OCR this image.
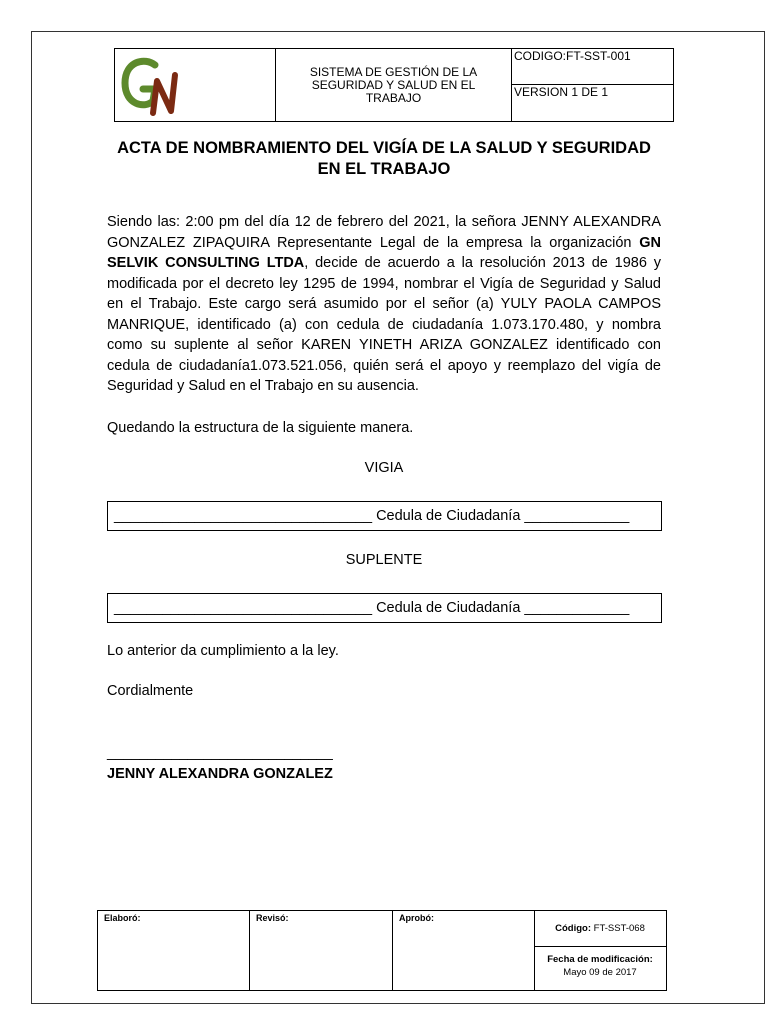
SISTEMA DE GESTIÓN DE LA SEGURIDAD Y SALUD EN EL TRABAJO
CODIGO:FT-SST-001
VERSION 1 DE 1
ACTA DE NOMBRAMIENTO DEL VIGÍA DE LA SALUD Y SEGURIDAD EN EL TRABAJO
Siendo las: 2:00 pm del día 12 de febrero del 2021, la señora JENNY ALEXANDRA GONZALEZ ZIPAQUIRA Representante Legal de la empresa la organización GN SELVIK CONSULTING LTDA, decide de acuerdo a la resolución 2013 de 1986 y modificada por el decreto ley 1295 de 1994, nombrar el Vigía de Seguridad y Salud en el Trabajo. Este cargo será asumido por el señor (a) YULY PAOLA CAMPOS MANRIQUE, identificado (a) con cedula de ciudadanía 1.073.170.480, y nombra como su suplente al señor KAREN YINETH ARIZA GONZALEZ identificado con cedula de ciudadanía1.073.521.056, quién será el apoyo y reemplazo del vigía de Seguridad y Salud en el Trabajo en su ausencia.
Quedando la estructura de la siguiente manera.
VIGIA
________________________________ Cedula de Ciudadanía _____________
SUPLENTE
________________________________ Cedula de Ciudadanía _____________
Lo anterior da cumplimiento a la ley.
Cordialmente
____________________________
JENNY ALEXANDRA GONZALEZ
Elaboró:	Revisó:	Aprobó:
Código:
FT-SST-068
Fecha de modificación:
Mayo 09 de 2017
